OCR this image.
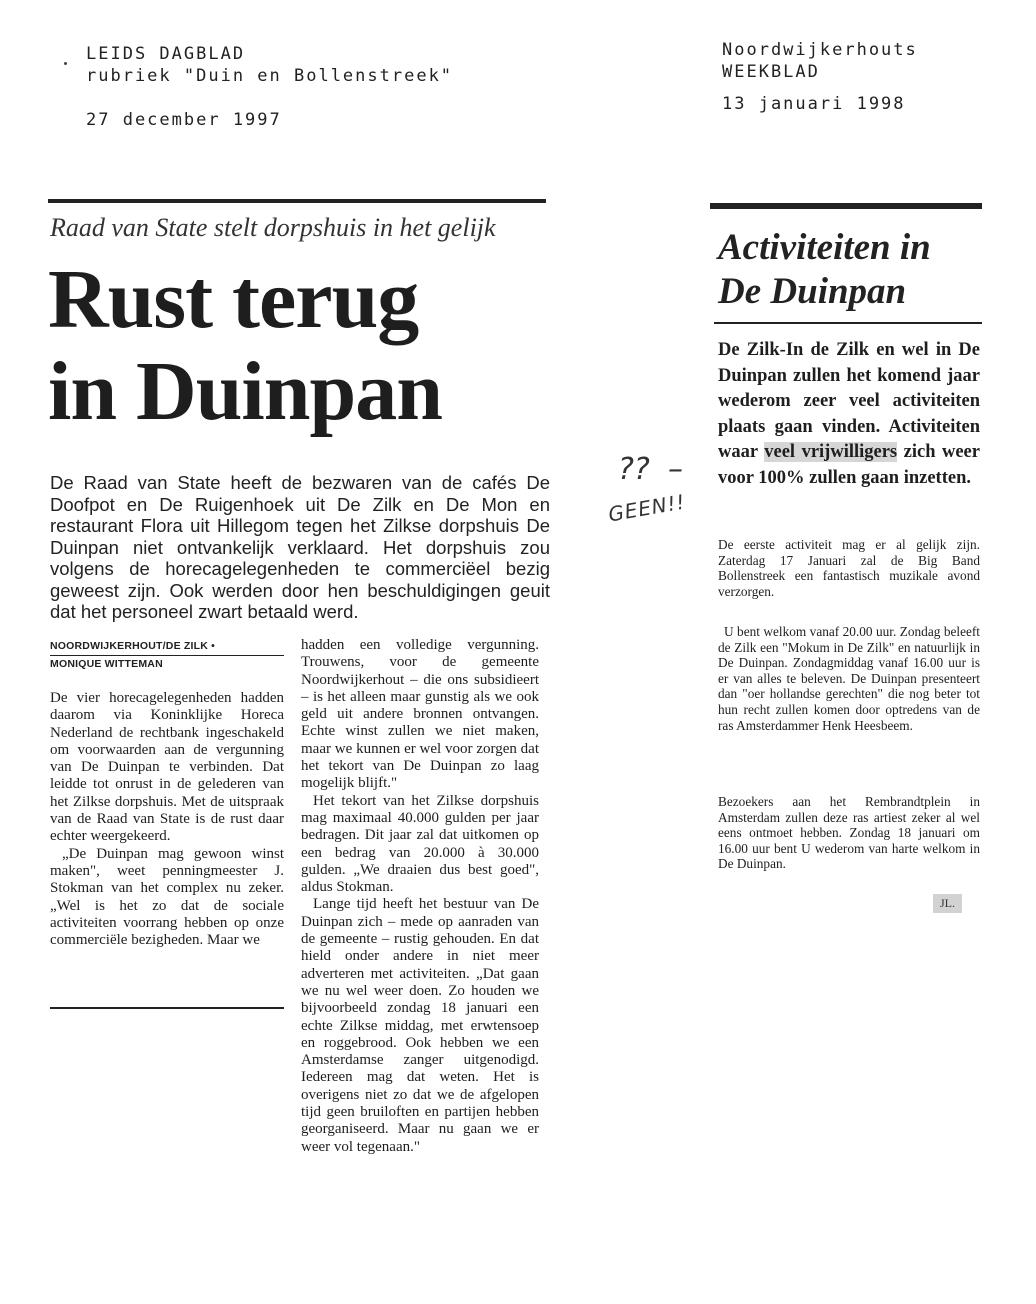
LEIDS DAGBLAD
rubriek "Duin en Bollenstreek"
27 december 1997
Noordwijkerhouts
WEEKBLAD
13 januari 1998
Raad van State stelt dorpshuis in het gelijk
Rust terug
in Duinpan
De Raad van State heeft de bezwaren van de cafés De Doofpot en De Ruigenhoek uit De Zilk en De Mon en restaurant Flora uit Hillegom tegen het Zilkse dorpshuis De Duinpan niet ontvankelijk verklaard. Het dorpshuis zou volgens de horecagelegenheden te commerciëel bezig geweest zijn. Ook werden door hen beschuldigingen geuit dat het personeel zwart betaald werd.
NOORDWIJKERHOUT/DE ZILK •
MONIQUE WITTEMAN

De vier horecagelegenheden hadden daarom via Koninklijke Horeca Nederland de rechtbank ingeschakeld om voorwaarden aan de vergunning van De Duinpan te verbinden. Dat leidde tot onrust in de gelederen van het Zilkse dorpshuis. Met de uitspraak van de Raad van State is de rust daar echter weergekeerd.

„De Duinpan mag gewoon winst maken", weet penningmeester J. Stokman van het complex nu zeker. „Wel is het zo dat de sociale activiteiten voorrang hebben op onze commerciële bezigheden. Maar we

hadden een volledige vergunning. Trouwens, voor de gemeente Noordwijkerhout – die ons subsidieert – is het alleen maar gunstig als we ook geld uit andere bronnen ontvangen. Echte winst zullen we niet maken, maar we kunnen er wel voor zorgen dat het tekort van De Duinpan zo laag mogelijk blijft."

Het tekort van het Zilkse dorpshuis mag maximaal 40.000 gulden per jaar bedragen. Dit jaar zal dat uitkomen op een bedrag van 20.000 à 30.000 gulden. „We draaien dus best goed", aldus Stokman.

Lange tijd heeft het bestuur van De Duinpan zich – mede op aanraden van de gemeente – rustig gehouden. En dat hield onder andere in niet meer adverteren met activiteiten. „Dat gaan we nu wel weer doen. Zo houden we bijvoorbeeld zondag 18 januari een echte Zilkse middag, met erwtensoep en roggebrood. Ook hebben we een Amsterdamse zanger uitgenodigd. Iedereen mag dat weten. Het is overigens niet zo dat we de afgelopen tijd geen bruiloften en partijen hebben georganiseerd. Maar nu gaan we er weer vol tegenaan."

?? –
GEEN!!
Activiteiten in
De Duinpan
De Zilk-In de Zilk en wel in De Duinpan zullen het komend jaar wederom zeer veel activiteiten plaats gaan vinden. Activiteiten waar veel vrijwilligers zich weer voor 100% zullen gaan inzetten.

De eerste activiteit mag er al gelijk zijn. Zaterdag 17 Januari zal de Big Band Bollenstreek een fantastisch muzikale avond verzorgen.

U bent welkom vanaf 20.00 uur. Zondag beleeft de Zilk een "Mokum in De Zilk" en natuurlijk in De Duinpan. Zondagmiddag vanaf 16.00 uur is er van alles te beleven. De Duinpan presenteert dan "oer hollandse gerechten" die nog beter tot hun recht zullen komen door optredens van de ras Amsterdammer Henk Heesbeem.

Bezoekers aan het Rembrandtplein in Amsterdam zullen deze ras artiest zeker al wel eens ontmoet hebben. Zondag 18 januari om 16.00 uur bent U wederom van harte welkom in De Duinpan.

JL.
